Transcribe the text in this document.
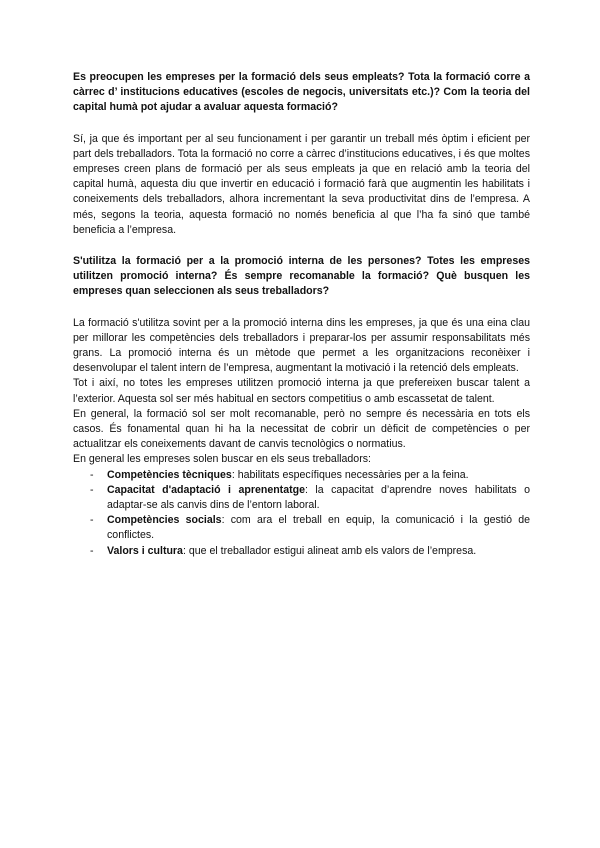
Es preocupen les empreses per la formació dels seus empleats? Tota la formació corre a càrrec d’ institucions educatives (escoles de negocis, universitats etc.)? Com la teoria del capital humà pot ajudar a avaluar aquesta formació?

Sí, ja que és important per al seu funcionament i per garantir un treball més òptim i eficient per part dels treballadors. Tota la formació no corre a càrrec d’institucions educatives, i és que moltes empreses creen plans de formació per als seus empleats ja que en relació amb la teoria del capital humà, aquesta diu que invertir en educació i formació farà que augmentin les habilitats i coneixements dels treballadors, alhora incrementant la seva productivitat dins de l’empresa. A més, segons la teoria, aquesta formació no només beneficia al que l’ha fa sinó que també beneficia a l’empresa.

S'utilitza la formació per a la promoció interna de les persones? Totes les empreses utilitzen promoció interna? És sempre recomanable la formació? Què busquen les empreses quan seleccionen als seus treballadors?

La formació s'utilitza sovint per a la promoció interna dins les empreses, ja que és una eina clau per millorar les competències dels treballadors i preparar-los per assumir responsabilitats més grans. La promoció interna és un mètode que permet a les organitzacions reconèixer i desenvolupar el talent intern de l’empresa, augmentant la motivació i la retenció dels empleats.

Tot i així, no totes les empreses utilitzen promoció interna ja que prefereixen buscar talent a l’exterior. Aquesta sol ser més habitual en sectors competitius o amb escassetat de talent.

En general, la formació sol ser molt recomanable, però no sempre és necessària en tots els casos. És fonamental quan hi ha la necessitat de cobrir un dèficit de competències o per actualitzar els coneixements davant de canvis tecnològics o normatius.

En general les empreses solen buscar en els seus treballadors:

- Competències tècniques: habilitats específiques necessàries per a la feina.
- Capacitat d'adaptació i aprenentatge: la capacitat d’aprendre noves habilitats o adaptar-se als canvis dins de l’entorn laboral.
- Competències socials: com ara el treball en equip, la comunicació i la gestió de conflictes.
- Valors i cultura: que el treballador estigui alineat amb els valors de l’empresa.
